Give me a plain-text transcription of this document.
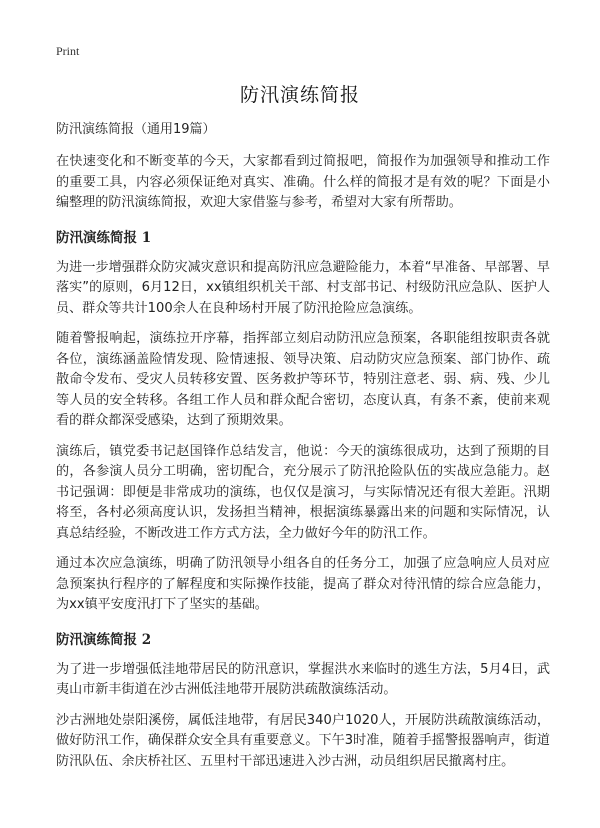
Print
防汛演练简报

防汛演练简报（通用19篇）

在快速变化和不断变革的今天，大家都看到过简报吧，简报作为加强领导和推动工作的重要工具，内容必须保证绝对真实、准确。什么样的简报才是有效的呢？下面是小编整理的防汛演练简报，欢迎大家借鉴与参考，希望对大家有所帮助。

防汛演练简报 1

为进一步增强群众防灾减灾意识和提高防汛应急避险能力，本着“早准备、早部署、早落实”的原则，6月12日，xx镇组织机关干部、村支部书记、村级防汛应急队、医护人员、群众等共计100余人在良种场村开展了防汛抢险应急演练。

随着警报响起，演练拉开序幕，指挥部立刻启动防汛应急预案，各职能组按职责各就各位，演练涵盖险情发现、险情速报、领导决策、启动防灾应急预案、部门协作、疏散命令发布、受灾人员转移安置、医务救护等环节，特别注意老、弱、病、残、少儿等人员的安全转移。各组工作人员和群众配合密切，态度认真，有条不紊，使前来观看的群众都深受感染，达到了预期效果。

演练后，镇党委书记赵国锋作总结发言，他说：今天的演练很成功，达到了预期的目的，各参演人员分工明确，密切配合，充分展示了防汛抢险队伍的实战应急能力。赵书记强调：即便是非常成功的演练，也仅仅是演习，与实际情况还有很大差距。汛期将至，各村必须高度认识，发扬担当精神，根据演练暴露出来的问题和实际情况，认真总结经验，不断改进工作方式方法，全力做好今年的防汛工作。

通过本次应急演练，明确了防汛领导小组各自的任务分工，加强了应急响应人员对应急预案执行程序的了解程度和实际操作技能，提高了群众对待汛情的综合应急能力，为xx镇平安度汛打下了坚实的基础。

防汛演练简报 2

为了进一步增强低洼地带居民的防汛意识，掌握洪水来临时的逃生方法，5月4日，武夷山市新丰街道在沙古洲低洼地带开展防洪疏散演练活动。

沙古洲地处崇阳溪傍，属低洼地带，有居民340户1020人，开展防洪疏散演练活动，做好防汛工作，确保群众安全具有重要意义。下午3时准，随着手摇警报器响声，街道防汛队伍、余庆桥社区、五里村干部迅速进入沙古洲，动员组织居民撤离村庄。
